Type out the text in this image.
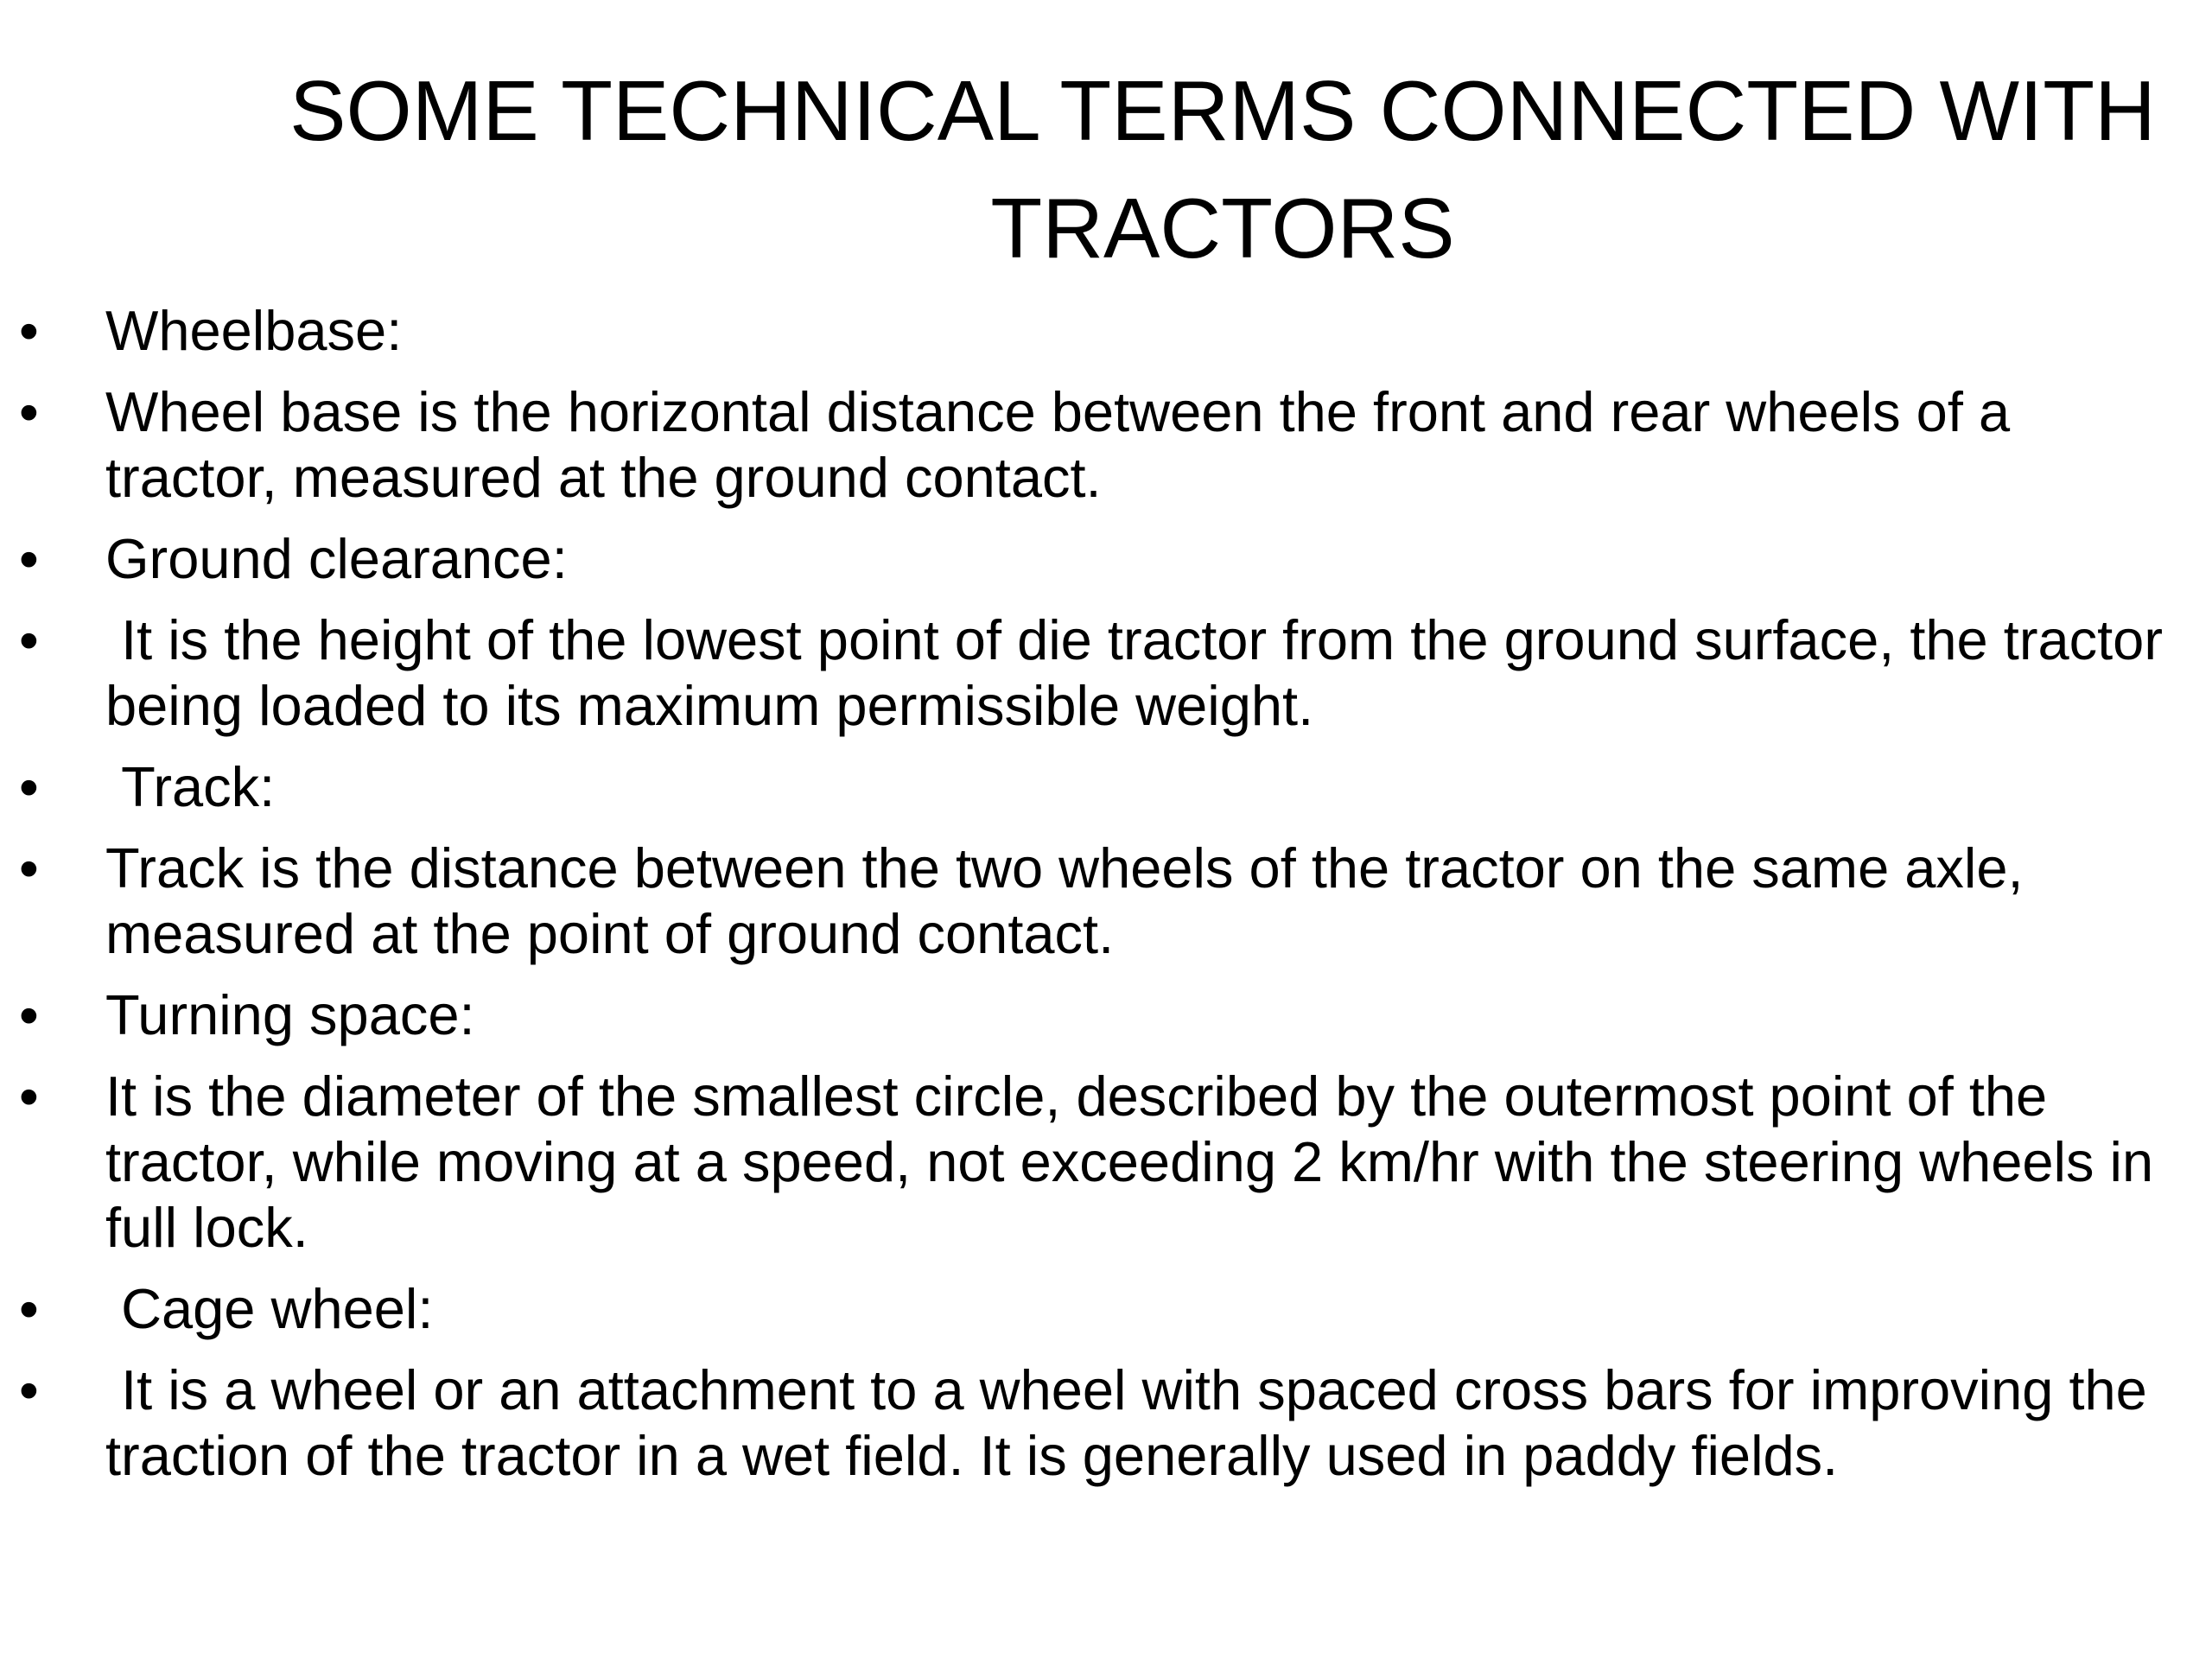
SOME TECHNICAL TERMS CONNECTED WITH TRACTORS
• Wheelbase:
• Wheel base is the horizontal distance between the front and rear wheels of a tractor, measured at the ground contact.
• Ground clearance:
• It is the height of the lowest point of die tractor from the ground surface, the tractor being loaded to its maximum permissible weight.
• Track:
• Track is the distance between the two wheels of the tractor on the same axle, measured at the point of ground contact.
• Turning space:
• It is the diameter of the smallest circle, described by the outermost point of the tractor, while moving at a speed, not exceeding 2 km/hr with the steering wheels in full lock.
• Cage wheel:
• It is a wheel or an attachment to a wheel with spaced cross bars for improving the traction of the tractor in a wet field. It is generally used in paddy fields.
